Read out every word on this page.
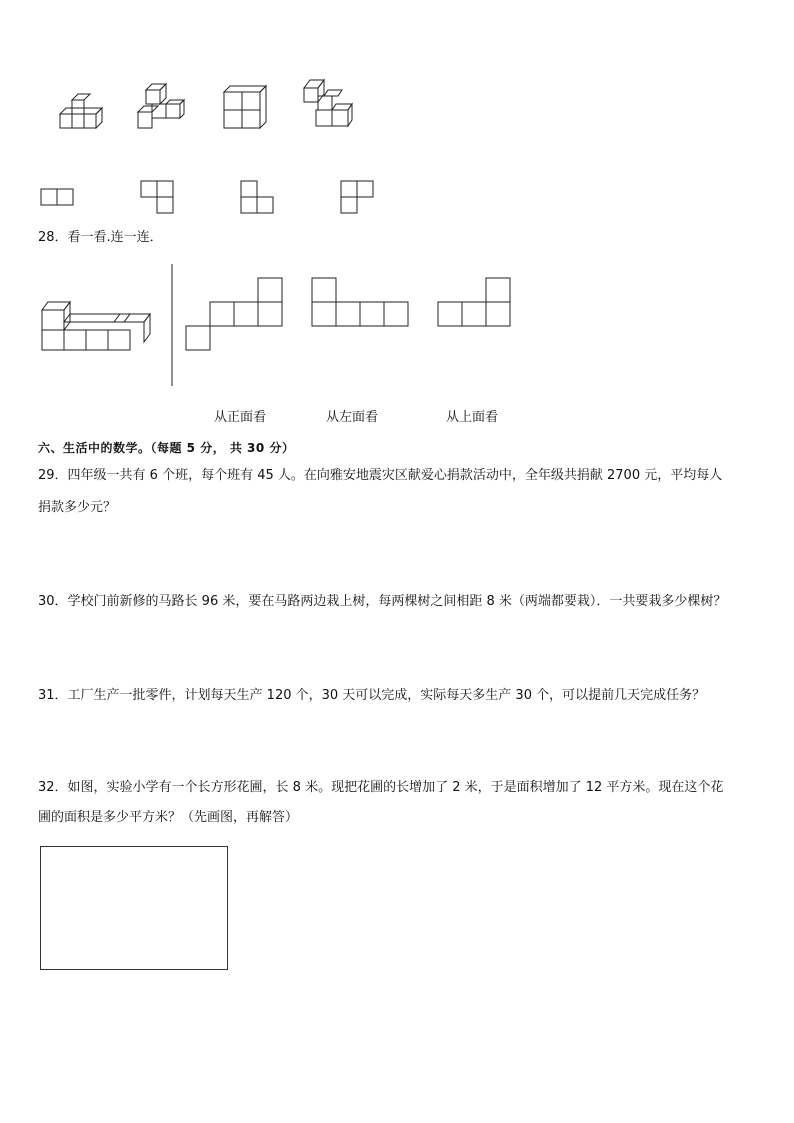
28．看一看.连一连．
从正面看	从左面看	从上面看
六、生活中的数学。（每题 5 分， 共 30 分）
29．四年级一共有 6 个班，每个班有 45 人。在向雅安地震灾区献爱心捐款活动中，全年级共捐献 2700 元，平均每人
捐款多少元？
30．学校门前新修的马路长 96 米，要在马路两边栽上树，每两棵树之间相距 8 米（两端都要栽）．一共要栽多少棵树？
31．工厂生产一批零件，计划每天生产 120 个，30 天可以完成，实际每天多生产 30 个，可以提前几天完成任务？
32．如图，实验小学有一个长方形花圃，长 8 米。现把花圃的长增加了 2 米，于是面积增加了 12 平方米。现在这个花
圃的面积是多少平方米？（先画图，再解答）
